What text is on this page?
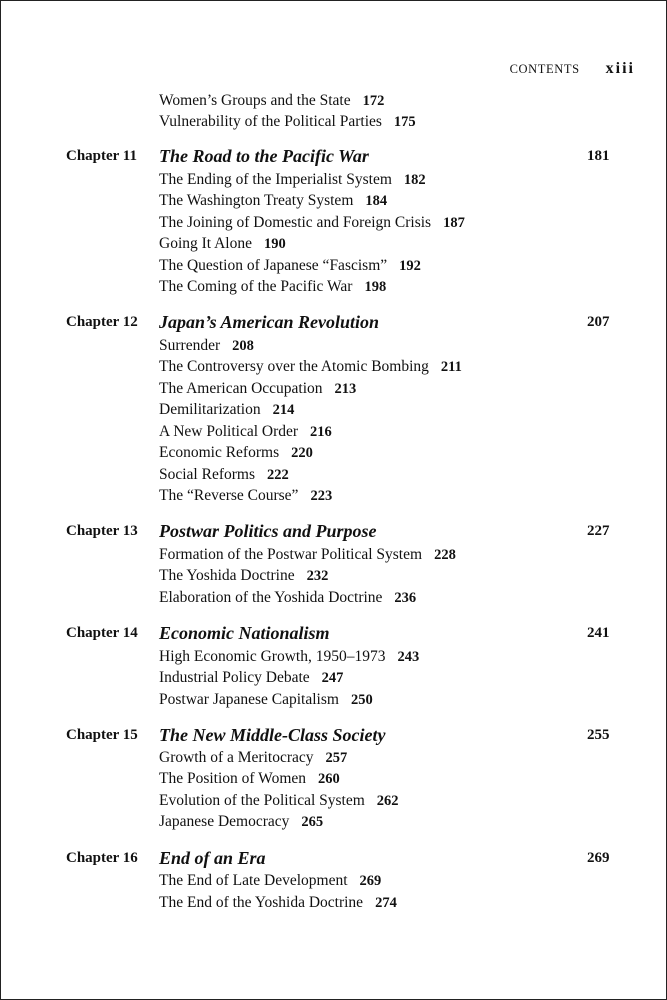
CONTENTS xiii
Women’s Groups and the State 172
Vulnerability of the Political Parties 175
Chapter 11 The Road to the Pacific War	181
The Ending of the Imperialist System 182
The Washington Treaty System 184
The Joining of Domestic and Foreign Crisis 187
Going It Alone 190
The Question of Japanese “Fascism” 192
The Coming of the Pacific War 198
Chapter 12 Japan’s American Revolution	207
Surrender 208
The Controversy over the Atomic Bombing 211
The American Occupation 213
Demilitarization 214
A New Political Order 216
Economic Reforms 220
Social Reforms 222
The “Reverse Course” 223
Chapter 13 Postwar Politics and Purpose	227
Formation of the Postwar Political System 228
The Yoshida Doctrine 232
Elaboration of the Yoshida Doctrine 236
Chapter 14 Economic Nationalism	241
High Economic Growth, 1950–1973 243
Industrial Policy Debate 247
Postwar Japanese Capitalism 250
Chapter 15 The New Middle-Class Society	255
Growth of a Meritocracy 257
The Position of Women 260
Evolution of the Political System 262
Japanese Democracy 265
Chapter 16 End of an Era	269
The End of Late Development 269
The End of the Yoshida Doctrine 274
